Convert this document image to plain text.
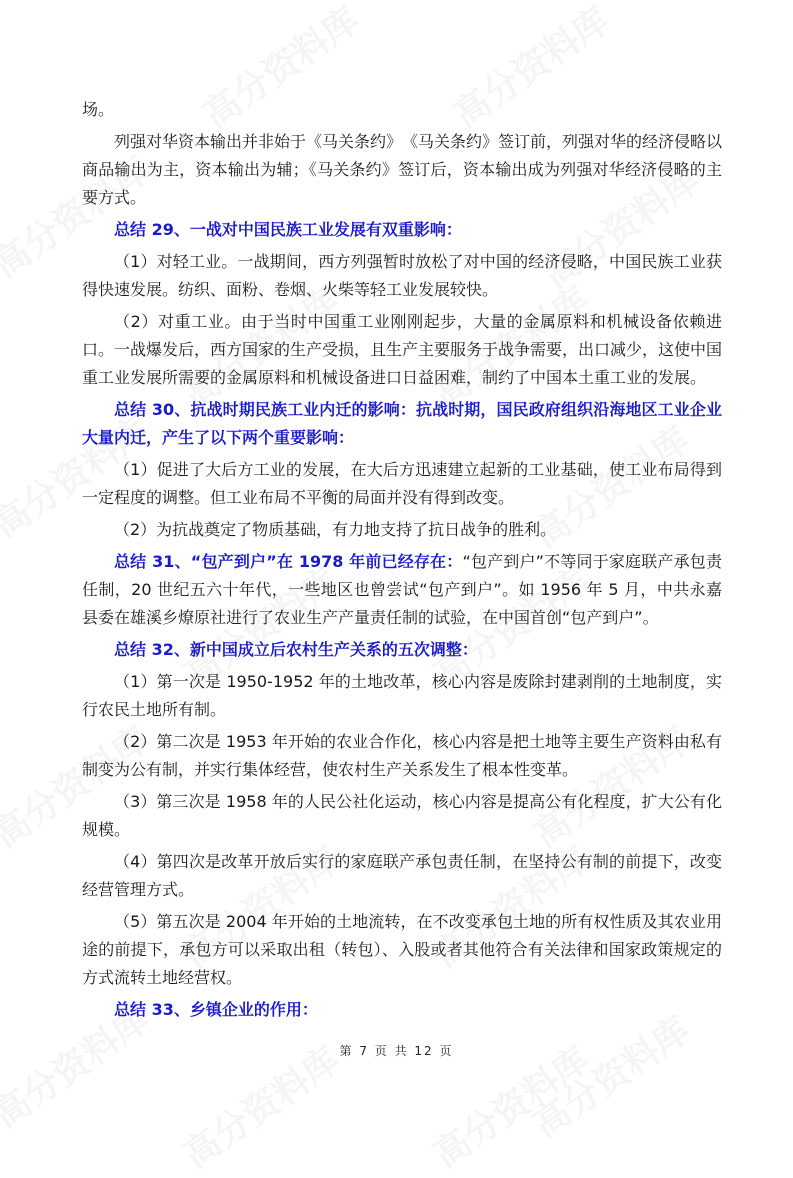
场。

列强对华资本输出并非始于《马关条约》　《马关条约》签订前，列强对华的经济侵略以商品输出为主，资本输出为辅；《马关条约》签订后，资本输出成为列强对华经济侵略的主要方式。

总结 29、一战对中国民族工业发展有双重影响：

（1）对轻工业。一战期间，西方列强暂时放松了对中国的经济侵略，中国民族工业获得快速发展。纺织、面粉、卷烟、火柴等轻工业发展较快。

（2）对重工业。由于当时中国重工业刚刚起步，大量的金属原料和机械设备依赖进口。一战爆发后，西方国家的生产受损，且生产主要服务于战争需要，出口减少，这使中国重工业发展所需要的金属原料和机械设备进口日益困难，制约了中国本土重工业的发展。

总结 30、抗战时期民族工业内迁的影响：抗战时期，国民政府组织沿海地区工业企业大量内迁，产生了以下两个重要影响：

（1）促进了大后方工业的发展，在大后方迅速建立起新的工业基础，使工业布局得到一定程度的调整。但工业布局不平衡的局面并没有得到改变。

（2）为抗战奠定了物质基础，有力地支持了抗日战争的胜利。

总结 31、“包产到户”在 1978 年前已经存在：“包产到户”不等同于家庭联产承包责任制，20 世纪五六十年代，一些地区也曾尝试“包产到户”。如 1956 年 5 月，中共永嘉县委在雄溪乡燎原社进行了农业生产产量责任制的试验，在中国首创“包产到户”。

总结 32、新中国成立后农村生产关系的五次调整：

（1）第一次是 1950-1952 年的土地改革，核心内容是废除封建剥削的土地制度，实行农民土地所有制。

（2）第二次是 1953 年开始的农业合作化，核心内容是把土地等主要生产资料由私有制变为公有制，并实行集体经营，使农村生产关系发生了根本性变革。

（3）第三次是 1958 年的人民公社化运动，核心内容是提高公有化程度，扩大公有化规模。

（4）第四次是改革开放后实行的家庭联产承包责任制，在坚持公有制的前提下，改变经营管理方式。

（5）第五次是 2004 年开始的土地流转，在不改变承包土地的所有权性质及其农业用途的前提下，承包方可以采取出租（转包）、入股或者其他符合有关法律和国家政策规定的方式流转土地经营权。

总结 33、乡镇企业的作用：

第 7 页 共 12 页
